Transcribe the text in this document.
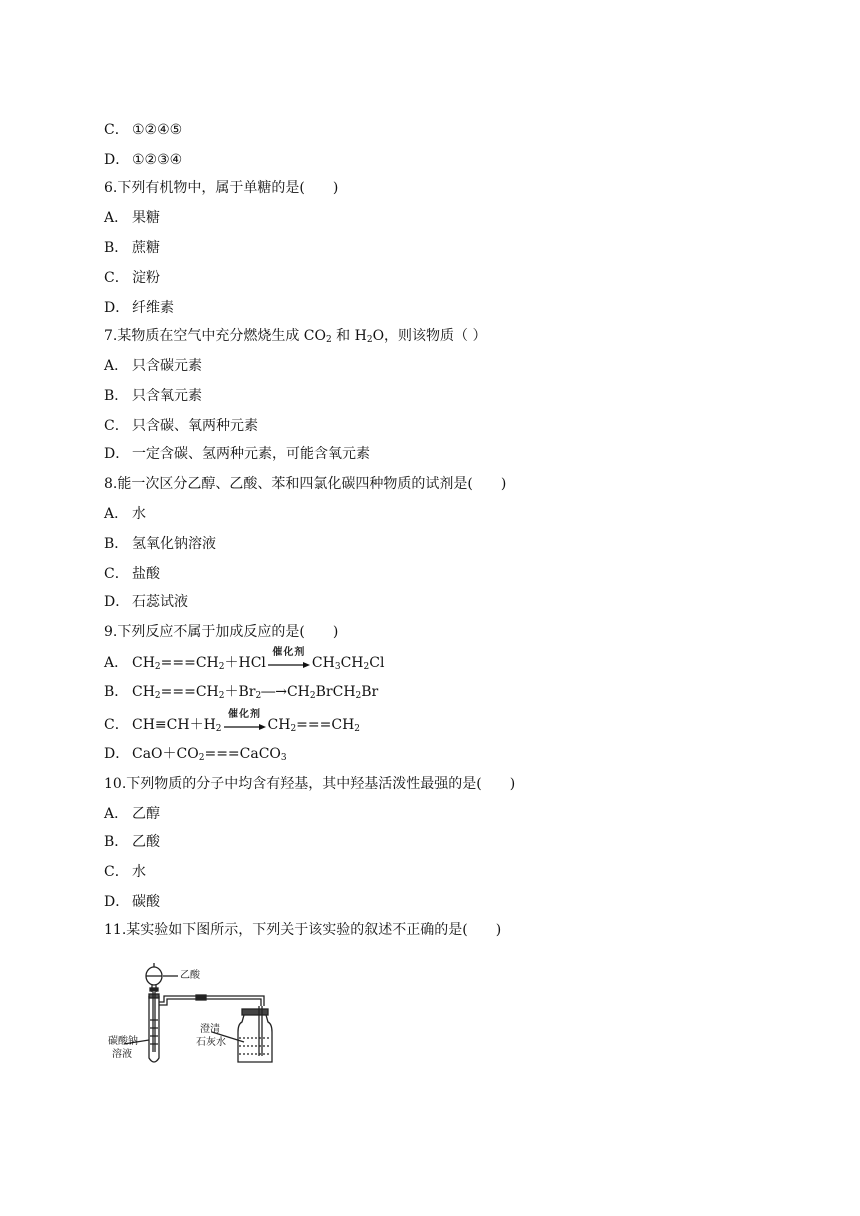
C． ①②④⑤
D． ①②③④
6.下列有机物中，属于单糖的是(　　)
A． 果糖
B． 蔗糖
C． 淀粉
D． 纤维素
7.某物质在空气中充分燃烧生成 $CO_2$ 和 $H_2O$，则该物质（ ）
A． 只含碳元素
B． 只含氧元素
C． 只含碳、氧两种元素
D． 一定含碳、氢两种元素，可能含氧元素
8.能一次区分乙醇、乙酸、苯和四氯化碳四种物质的试剂是(　　)
A． 水
B． 氢氧化钠溶液
C． 盐酸
D． 石蕊试液
9.下列反应不属于加成反应的是(　　)
A． $CH_2===CH_2+HCl$
催化剂
$CH_3CH_2Cl$
B． $CH_2===CH_2+Br_2―\to CH_2BrCH_2Br$
C． $CH\equiv CH+H_2$
催化剂
$CH_2===CH_2$
D． $CaO+CO_2===CaCO_3$
10.下列物质的分子中均含有羟基，其中羟基活泼性最强的是(　　)
A． 乙醇
B． 乙酸
C． 水
D． 碳酸
11.某实验如下图所示，下列关于该实验的叙述不正确的是(　　)
乙酸
碳酸钠
溶液
澄清
石灰水
